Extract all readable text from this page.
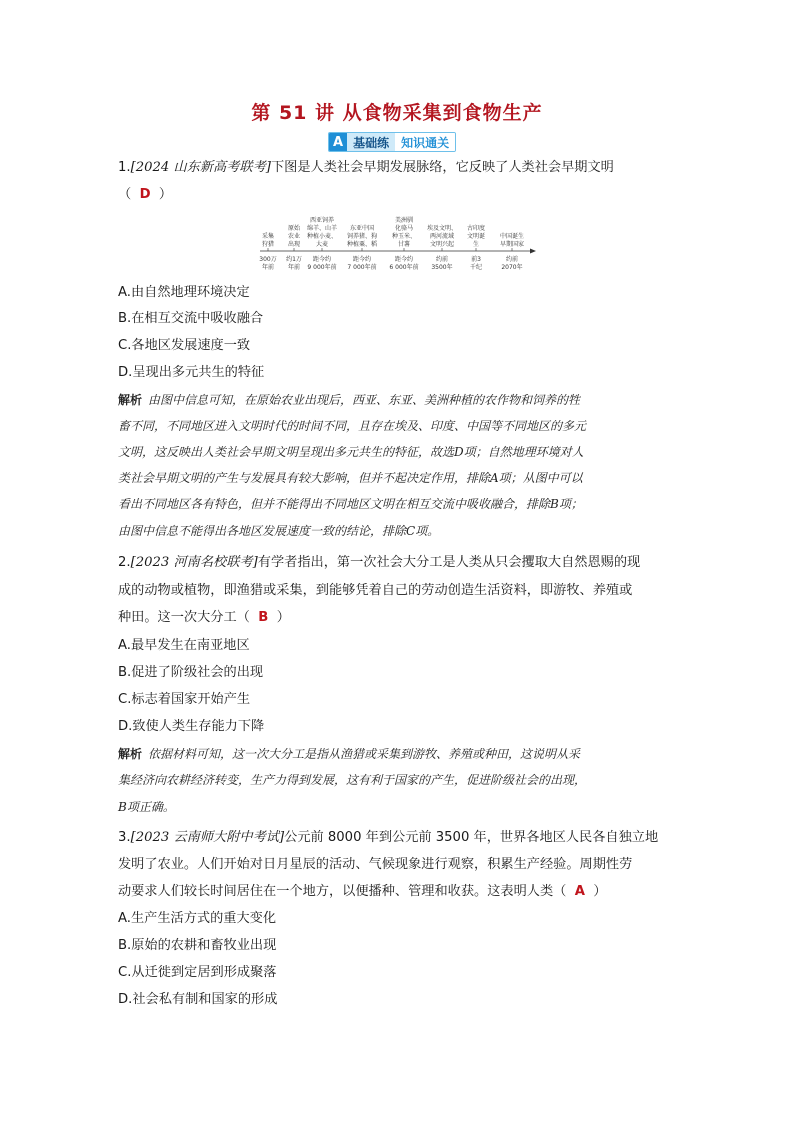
第 51 讲 从食物采集到食物生产
A 基础练	知识通关
1.[2024 山东新高考联考]下图是人类社会早期发展脉络，它反映了人类社会早期文明
（ D ）
采集
狩猎
原始
农业
出现
西亚饲养
绵羊、山羊
种植小麦、
大麦
东亚中国
饲养猪、狗
种植粟、稻
美洲驯
化骆马
种玉米、
甘薯
埃及文明、
两河流域
文明兴起
古印度
文明诞
生
中国诞生
早期国家
300万
年前
约1万
年前
距今约
9 000年前
距今约
7 000年前
距今约
6 000年前
约前
3500年
前3
千纪
约前
2070年
A.由自然地理环境决定
B.在相互交流中吸收融合
C.各地区发展速度一致
D.呈现出多元共生的特征
解析 由图中信息可知，在原始农业出现后，西亚、东亚、美洲种植的农作物和饲养的牲
畜不同，不同地区进入文明时代的时间不同，且存在埃及、印度、中国等不同地区的多元
文明，这反映出人类社会早期文明呈现出多元共生的特征，故选D项；自然地理环境对人
类社会早期文明的产生与发展具有较大影响，但并不起决定作用，排除A项；从图中可以
看出不同地区各有特色，但并不能得出不同地区文明在相互交流中吸收融合，排除B项；
由图中信息不能得出各地区发展速度一致的结论，排除C项。
2.[2023 河南名校联考]有学者指出，第一次社会大分工是人类从只会攫取大自然恩赐的现
成的动物或植物，即渔猎或采集，到能够凭着自己的劳动创造生活资料，即游牧、养殖或
种田。这一次大分工（ B ）
A.最早发生在南亚地区
B.促进了阶级社会的出现
C.标志着国家开始产生
D.致使人类生存能力下降
解析 依据材料可知，这一次大分工是指从渔猎或采集到游牧、养殖或种田，这说明从采
集经济向农耕经济转变，生产力得到发展，这有利于国家的产生，促进阶级社会的出现，
B项正确。
3.[2023 云南师大附中考试]公元前 8000 年到公元前 3500 年，世界各地区人民各自独立地
发明了农业。人们开始对日月星辰的活动、气候现象进行观察，积累生产经验。周期性劳
动要求人们较长时间居住在一个地方，以便播种、管理和收获。这表明人类（ A ）
A.生产生活方式的重大变化
B.原始的农耕和畜牧业出现
C.从迁徙到定居到形成聚落
D.社会私有制和国家的形成
